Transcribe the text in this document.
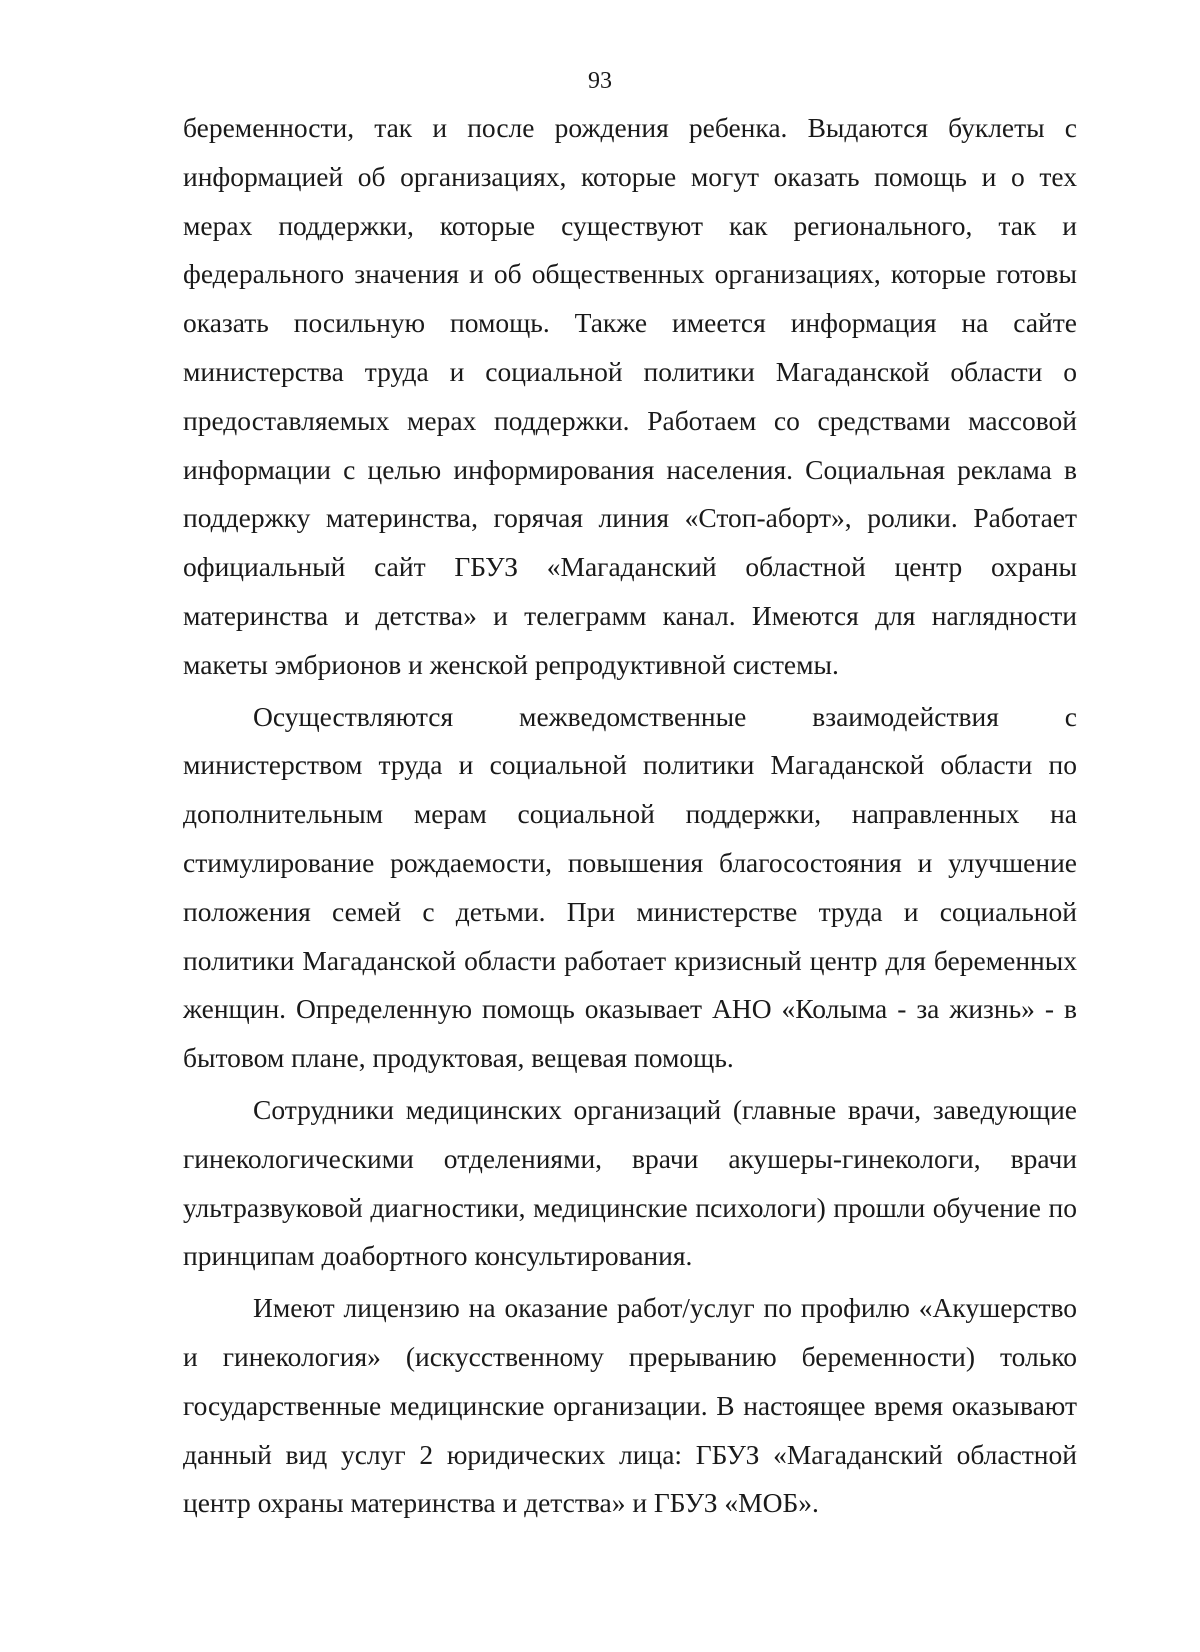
93

беременности, так и после рождения ребенка. Выдаются буклеты с информацией об организациях, которые могут оказать помощь и о тех мерах поддержки, которые существуют как регионального, так и федерального значения и об общественных организациях, которые готовы оказать посильную помощь. Также имеется информация на сайте министерства труда и социальной политики Магаданской области о предоставляемых мерах поддержки. Работаем со средствами массовой информации с целью информирования населения. Социальная реклама в поддержку материнства, горячая линия «Стоп-аборт», ролики. Работает официальный сайт ГБУЗ «Магаданский областной центр охраны материнства и детства» и телеграмм канал. Имеются для наглядности макеты эмбрионов и женской репродуктивной системы.

Осуществляются межведомственные взаимодействия с министерством труда и социальной политики Магаданской области по дополнительным мерам социальной поддержки, направленных на стимулирование рождаемости, повышения благосостояния и улучшение положения семей с детьми. При министерстве труда и социальной политики Магаданской области работает кризисный центр для беременных женщин. Определенную помощь оказывает АНО «Колыма - за жизнь» - в бытовом плане, продуктовая, вещевая помощь.

Сотрудники медицинских организаций (главные врачи, заведующие гинекологическими отделениями, врачи акушеры-гинекологи, врачи ультразвуковой диагностики, медицинские психологи) прошли обучение по принципам доабортного консультирования.

Имеют лицензию на оказание работ/услуг по профилю «Акушерство и гинекология» (искусственному прерыванию беременности) только государственные медицинские организации. В настоящее время оказывают данный вид услуг 2 юридических лица: ГБУЗ «Магаданский областной центр охраны материнства и детства» и ГБУЗ «МОБ».
